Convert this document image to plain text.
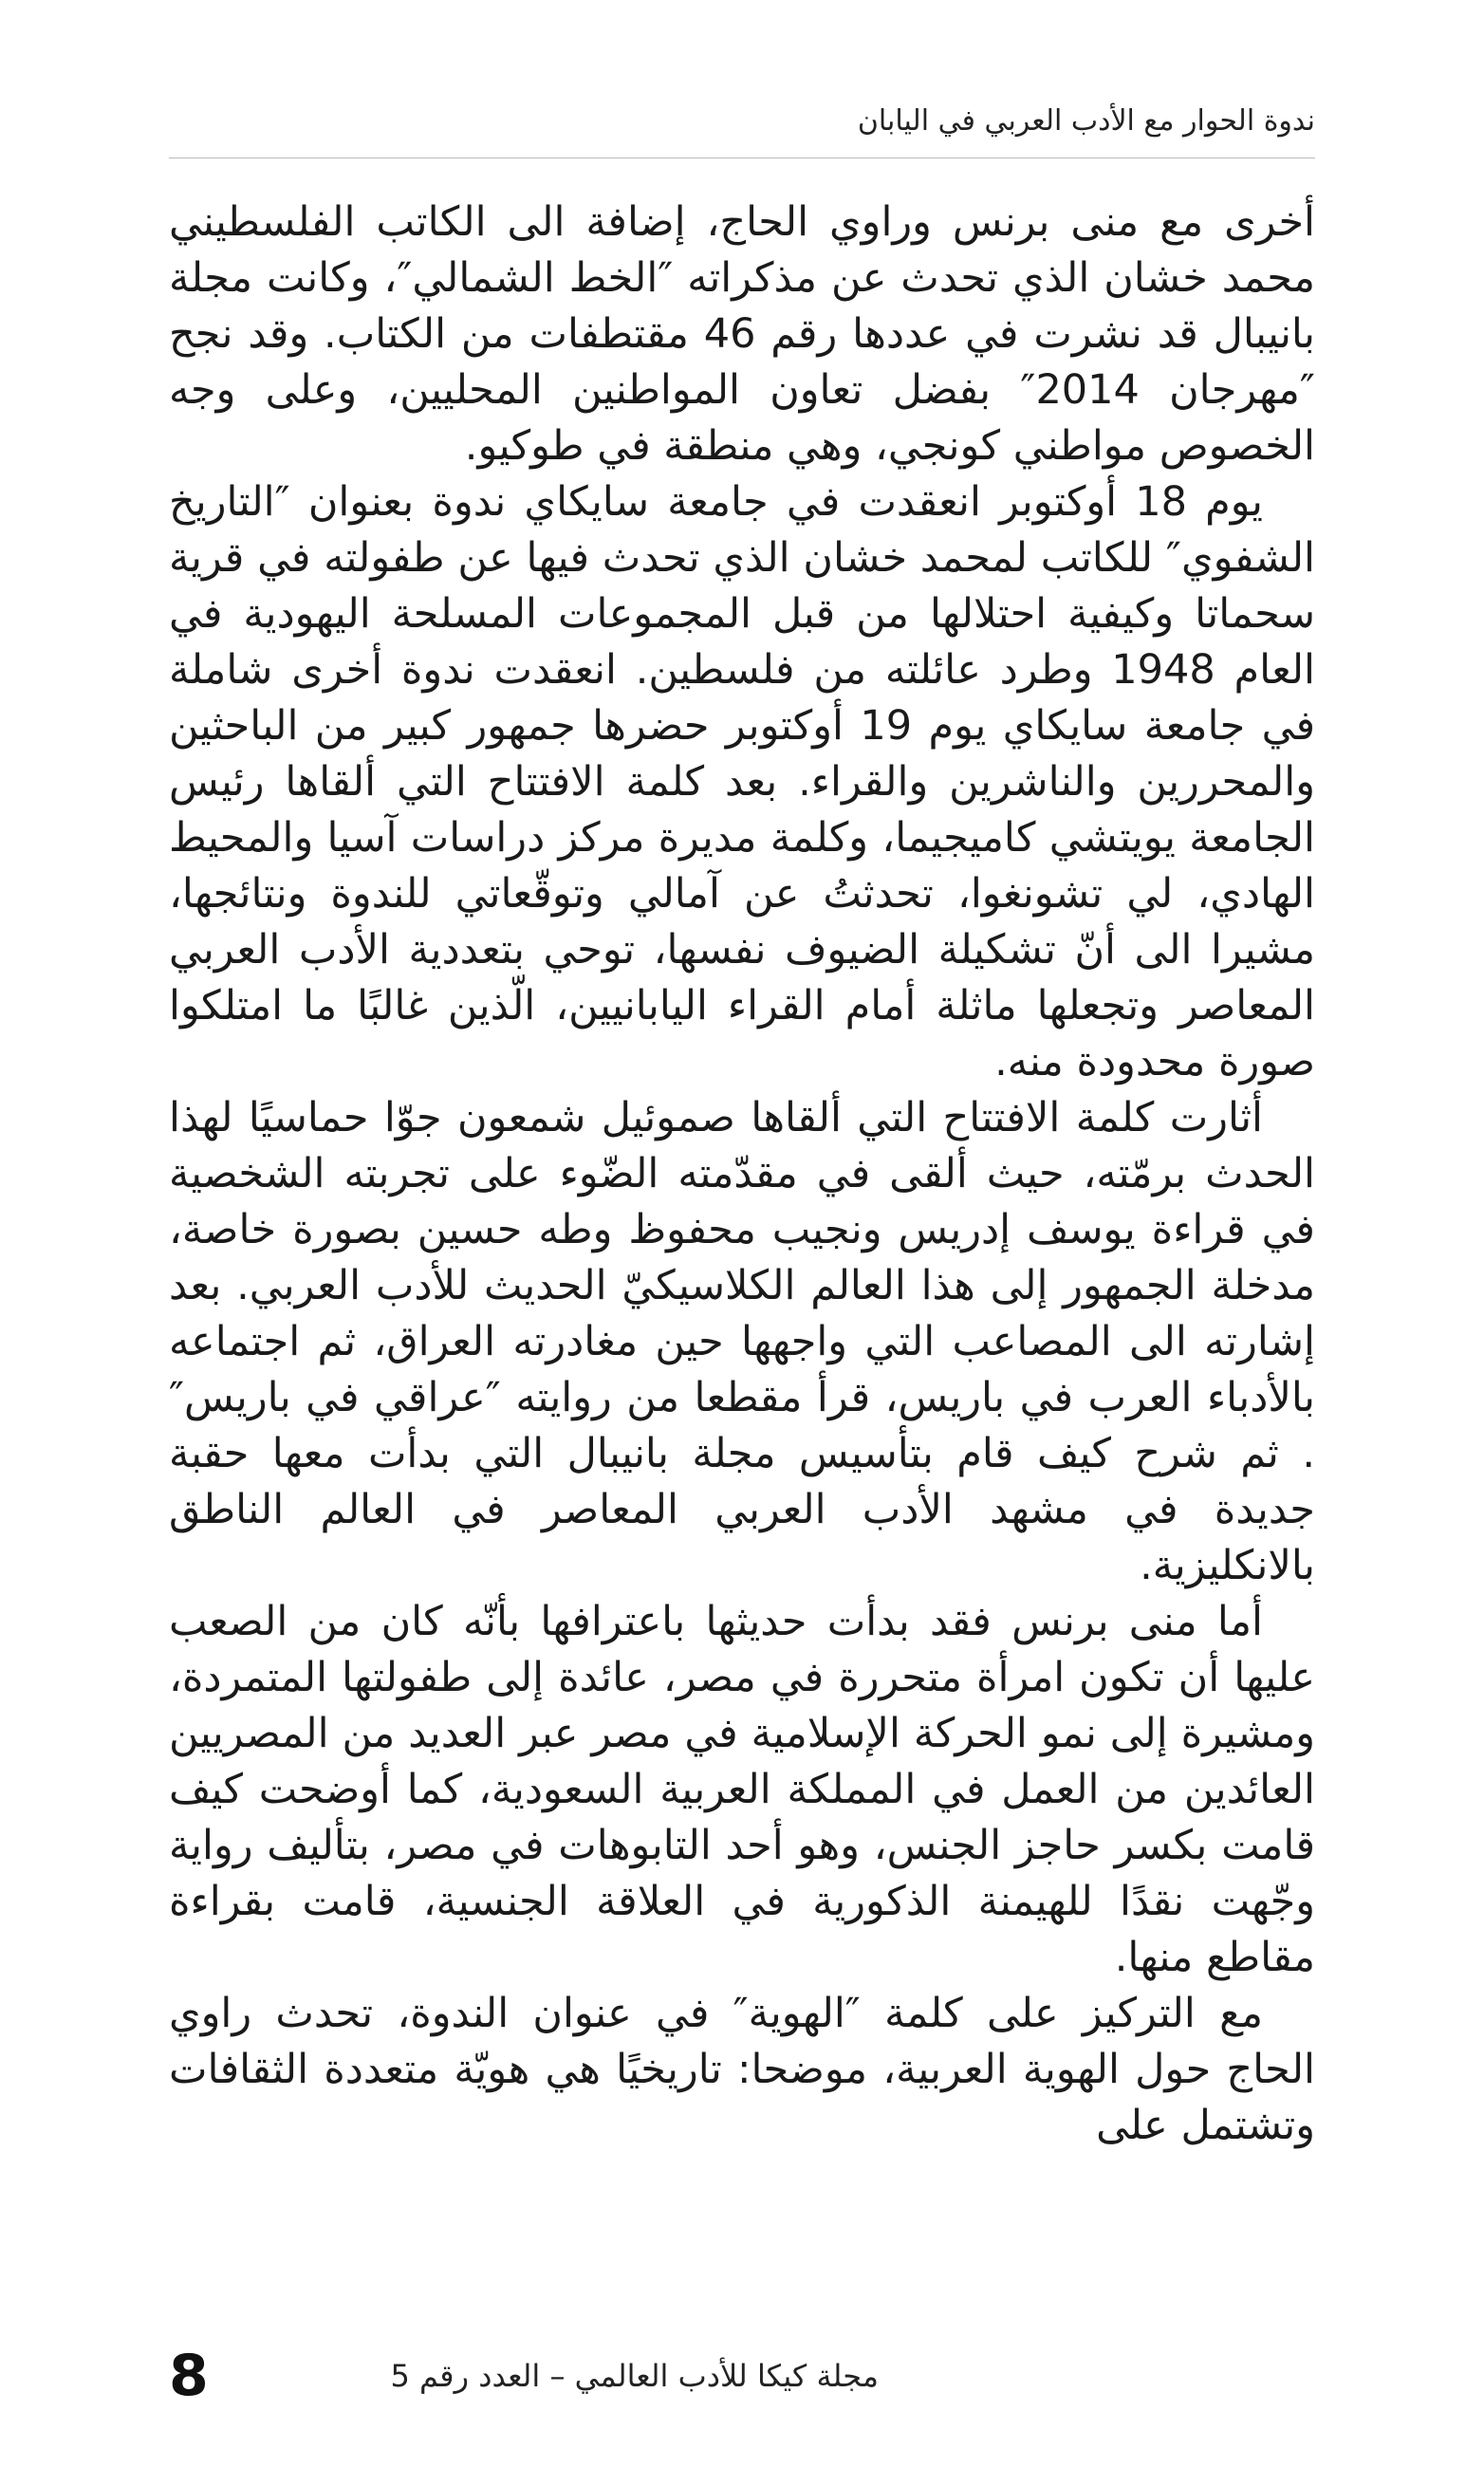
ندوة الحوار مع الأدب العربي في اليابان

أخرى مع منى برنس وراوي الحاج، إضافة الى الكاتب الفلسطيني محمد خشان الذي تحدث عن مذكراته ″الخط الشمالي″، وكانت مجلة بانيبال قد نشرت في عددها رقم 46 مقتطفات من الكتاب. وقد نجح ″مهرجان 2014″ بفضل تعاون المواطنين المحليين، وعلى وجه الخصوص مواطني كونجي، وهي منطقة في طوكيو.

يوم 18 أوكتوبر انعقدت في جامعة سايكاي ندوة بعنوان ″التاريخ الشفوي″ للكاتب لمحمد خشان الذي تحدث فيها عن طفولته في قرية سحماتا وكيفية احتلالها من قبل المجموعات المسلحة اليهودية في العام 1948 وطرد عائلته من فلسطين. انعقدت ندوة أخرى شاملة في جامعة سايكاي يوم 19 أوكتوبر حضرها جمهور كبير من الباحثين والمحررين والناشرين والقراء. بعد كلمة الافتتاح التي ألقاها رئيس الجامعة يويتشي كاميجيما، وكلمة مديرة مركز دراسات آسيا والمحيط الهادي، لي تشونغوا، تحدثتُ عن آمالي وتوقّعاتي للندوة ونتائجها، مشيرا الى أنّ تشكيلة الضيوف نفسها، توحي بتعددية الأدب العربي المعاصر وتجعلها ماثلة أمام القراء اليابانيين، الّذين غالبًا ما امتلكوا صورة محدودة منه.

أثارت كلمة الافتتاح التي ألقاها صموئيل شمعون جوّا حماسيًا لهذا الحدث برمّته، حيث ألقى في مقدّمته الضّوء على تجربته الشخصية في قراءة يوسف إدريس ونجيب محفوظ وطه حسين بصورة خاصة، مدخلة الجمهور إلى هذا العالم الكلاسيكيّ الحديث للأدب العربي. بعد إشارته الى المصاعب التي واجهها حين مغادرته العراق، ثم اجتماعه بالأدباء العرب في باريس، قرأ مقطعا من روايته ″عراقي في باريس″ . ثم شرح كيف قام بتأسيس مجلة بانيبال التي بدأت معها حقبة جديدة في مشهد الأدب العربي المعاصر في العالم الناطق بالانكليزية.

أما منى برنس فقد بدأت حديثها باعترافها بأنّه كان من الصعب عليها أن تكون امرأة متحررة في مصر، عائدة إلى طفولتها المتمردة، ومشيرة إلى نمو الحركة الإسلامية في مصر عبر العديد من المصريين العائدين من العمل في المملكة العربية السعودية، كما أوضحت كيف قامت بكسر حاجز الجنس، وهو أحد التابوهات في مصر، بتأليف رواية وجّهت نقدًا للهيمنة الذكورية في العلاقة الجنسية، قامت بقراءة مقاطع منها.

مع التركيز على كلمة ″الهوية″ في عنوان الندوة، تحدث راوي الحاج حول الهوية العربية، موضحا: تاريخيًا هي هويّة متعددة الثقافات وتشتمل على

مجلة كيكا للأدب العالمي – العدد رقم 5
8
